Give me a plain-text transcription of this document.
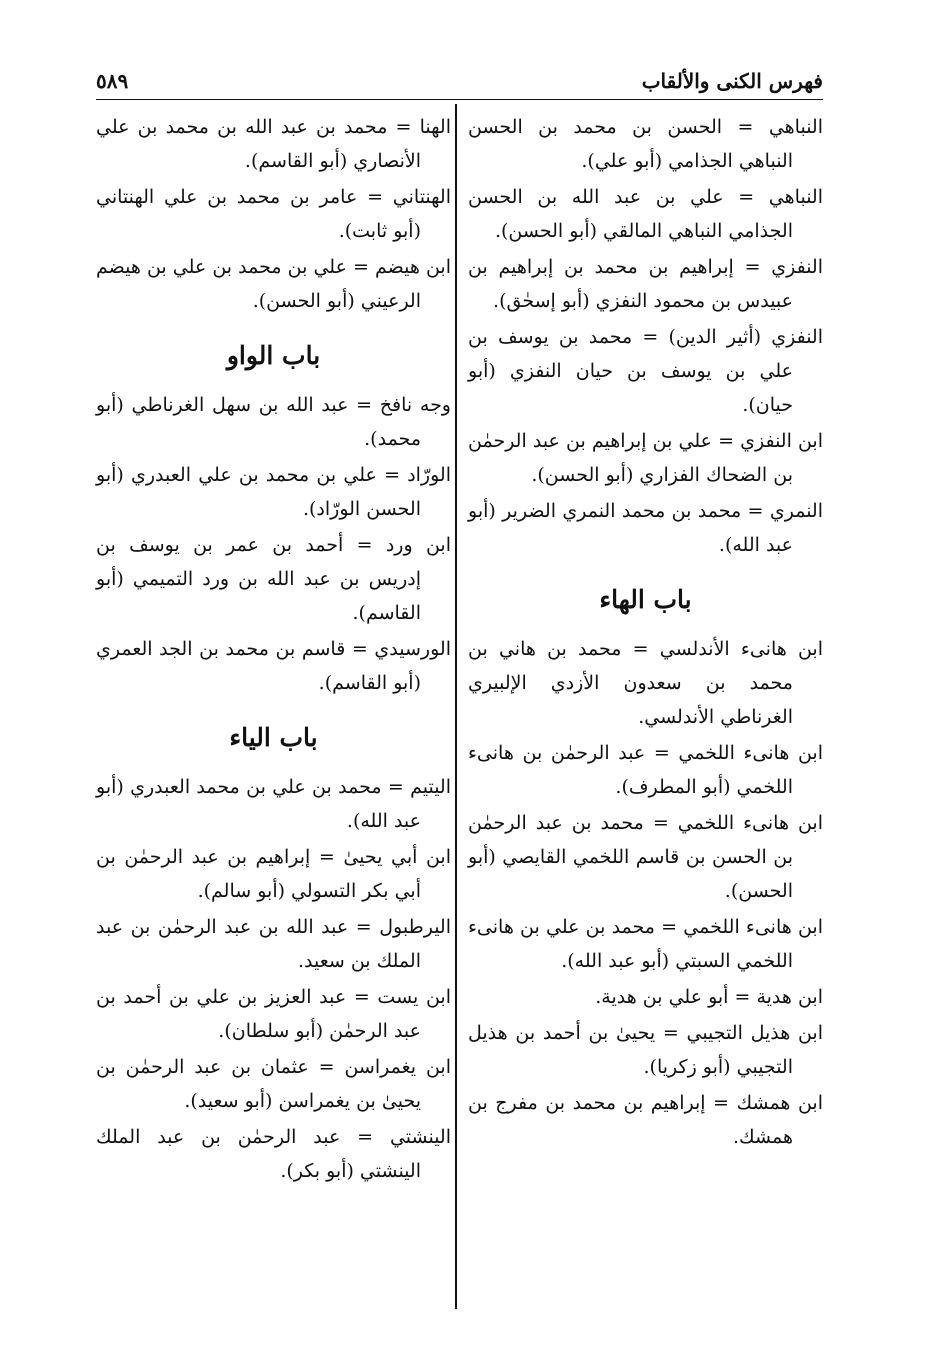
فهرس الكنى والألقاب
٥٨٩

النباهي = الحسن بن محمد بن الحسن النباهي الجذامي (أبو علي).

النباهي = علي بن عبد الله بن الحسن الجذامي النباهي المالقي (أبو الحسن).

النفزي = إبراهيم بن محمد بن إبراهيم بن عبيدس بن محمود النفزي (أبو إسحٰق).

النفزي (أثير الدين) = محمد بن يوسف بن علي بن يوسف بن حيان النفزي (أبو حيان).

ابن النفزي = علي بن إبراهيم بن عبد الرحمٰن بن الضحاك الفزاري (أبو الحسن).

النمري = محمد بن محمد النمري الضرير (أبو عبد الله).

باب الهاء

ابن هانىء الأندلسي = محمد بن هاني بن محمد بن سعدون الأزدي الإلبيري الغرناطي الأندلسي.

ابن هانىء اللخمي = عبد الرحمٰن بن هانىء اللخمي (أبو المطرف).

ابن هانىء اللخمي = محمد بن عبد الرحمٰن بن الحسن بن قاسم اللخمي القايصي (أبو الحسن).

ابن هانىء اللخمي = محمد بن علي بن هانىء اللخمي السبتي (أبو عبد الله).

ابن هدية = أبو علي بن هدية.

ابن هذيل التجيبي = يحيىٰ بن أحمد بن هذيل التجيبي (أبو زكريا).

ابن همشك = إبراهيم بن محمد بن مفرج بن همشك.

الهنا = محمد بن عبد الله بن محمد بن علي الأنصاري (أبو القاسم).

الهنتاني = عامر بن محمد بن علي الهنتاني (أبو ثابت).

ابن هيضم = علي بن محمد بن علي بن هيضم الرعيني (أبو الحسن).

باب الواو

وجه نافخ = عبد الله بن سهل الغرناطي (أبو محمد).

الورّاد = علي بن محمد بن علي العبدري (أبو الحسن الورّاد).

ابن ورد = أحمد بن عمر بن يوسف بن إدريس بن عبد الله بن ورد التميمي (أبو القاسم).

الورسيدي = قاسم بن محمد بن الجد العمري (أبو القاسم).

باب الياء

اليتيم = محمد بن علي بن محمد العبدري (أبو عبد الله).

ابن أبي يحيىٰ = إبراهيم بن عبد الرحمٰن بن أبي بكر التسولي (أبو سالم).

اليرطبول = عبد الله بن عبد الرحمٰن بن عبد الملك بن سعيد.

ابن يست = عبد العزيز بن علي بن أحمد بن عبد الرحمٰن (أبو سلطان).

ابن يغمراسن = عثمان بن عبد الرحمٰن بن يحيىٰ بن يغمراسن (أبو سعيد).

الينشتي = عبد الرحمٰن بن عبد الملك الينشتي (أبو بكر).
